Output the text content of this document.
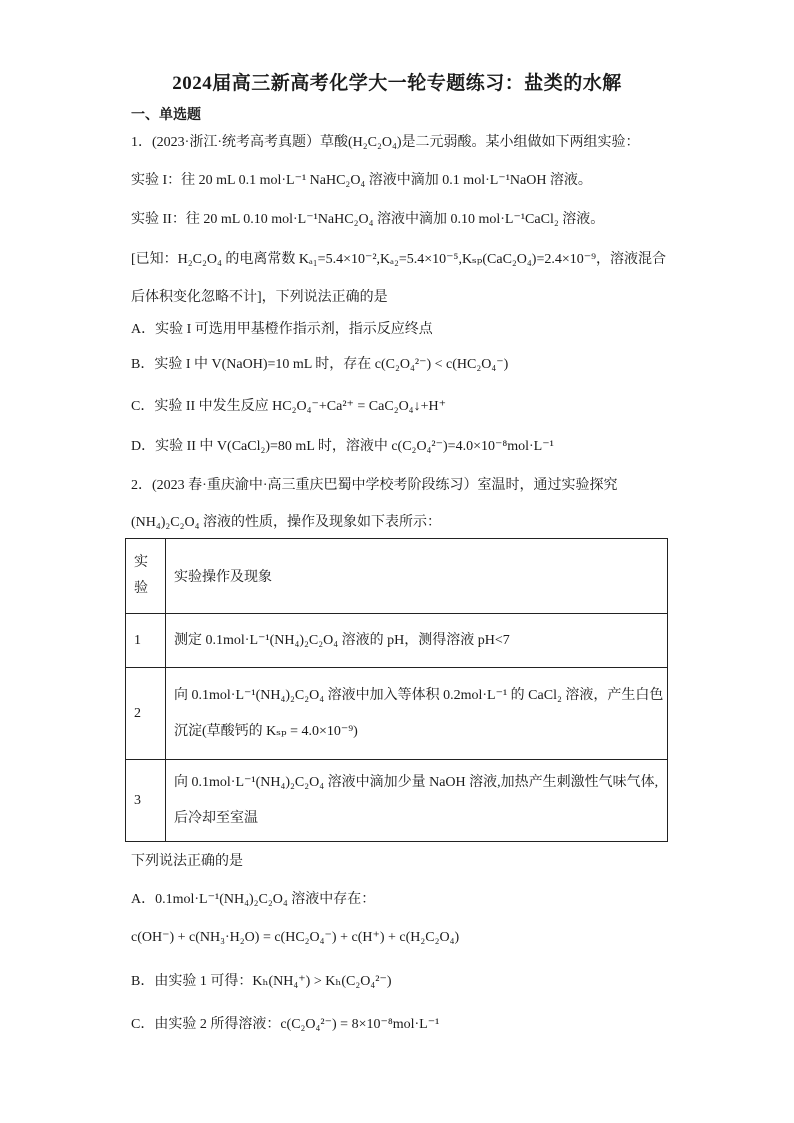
2024届高三新高考化学大一轮专题练习：盐类的水解
一、单选题
1．(2023·浙江·统考高考真题）草酸(H₂C₂O₄)是二元弱酸。某小组做如下两组实验：
实验 I：往 20 mL 0.1 mol·L⁻¹ NaHC₂O₄ 溶液中滴加 0.1 mol·L⁻¹NaOH 溶液。
实验 II：往 20 mL 0.10 mol·L⁻¹NaHC₂O₄ 溶液中滴加 0.10 mol·L⁻¹CaCl₂ 溶液。
[已知：H₂C₂O₄ 的电离常数 Kₐ₁=5.4×10⁻²,Kₐ₂=5.4×10⁻⁵,Kₛₚ(CaC₂O₄)=2.4×10⁻⁹，溶液混合
后体积变化忽略不计]，下列说法正确的是
A．实验 I 可选用甲基橙作指示剂，指示反应终点
B．实验 I 中 V(NaOH)=10 mL 时，存在 c(C₂O₄²⁻) < c(HC₂O₄⁻)
C．实验 II 中发生反应 HC₂O₄⁻+Ca²⁺ = CaC₂O₄↓+H⁺
D．实验 II 中 V(CaCl₂)=80 mL 时，溶液中 c(C₂O₄²⁻)=4.0×10⁻⁸mol·L⁻¹
2．(2023 春·重庆渝中·高三重庆巴蜀中学校考阶段练习）室温时，通过实验探究
(NH₄)₂C₂O₄ 溶液的性质，操作及现象如下表所示：
实验	实验操作及现象
1	测定 0.1mol·L⁻¹(NH₄)₂C₂O₄ 溶液的 pH，测得溶液 pH<7

2	向 0.1mol·L⁻¹(NH₄)₂C₂O₄ 溶液中加入等体积 0.2mol·L⁻¹ 的 CaCl₂ 溶液，产生白色
沉淀(草酸钙的 Kₛₚ = 4.0×10⁻⁹)

3	向 0.1mol·L⁻¹(NH₄)₂C₂O₄ 溶液中滴加少量 NaOH 溶液,加热产生刺激性气味气体,
后冷却至室温
下列说法正确的是
A．0.1mol·L⁻¹(NH₄)₂C₂O₄ 溶液中存在：
c(OH⁻) + c(NH₃·H₂O) = c(HC₂O₄⁻) + c(H⁺) + c(H₂C₂O₄)
B．由实验 1 可得：Kₕ(NH₄⁺) > Kₕ(C₂O₄²⁻)
C．由实验 2 所得溶液：c(C₂O₄²⁻) = 8×10⁻⁸mol·L⁻¹
